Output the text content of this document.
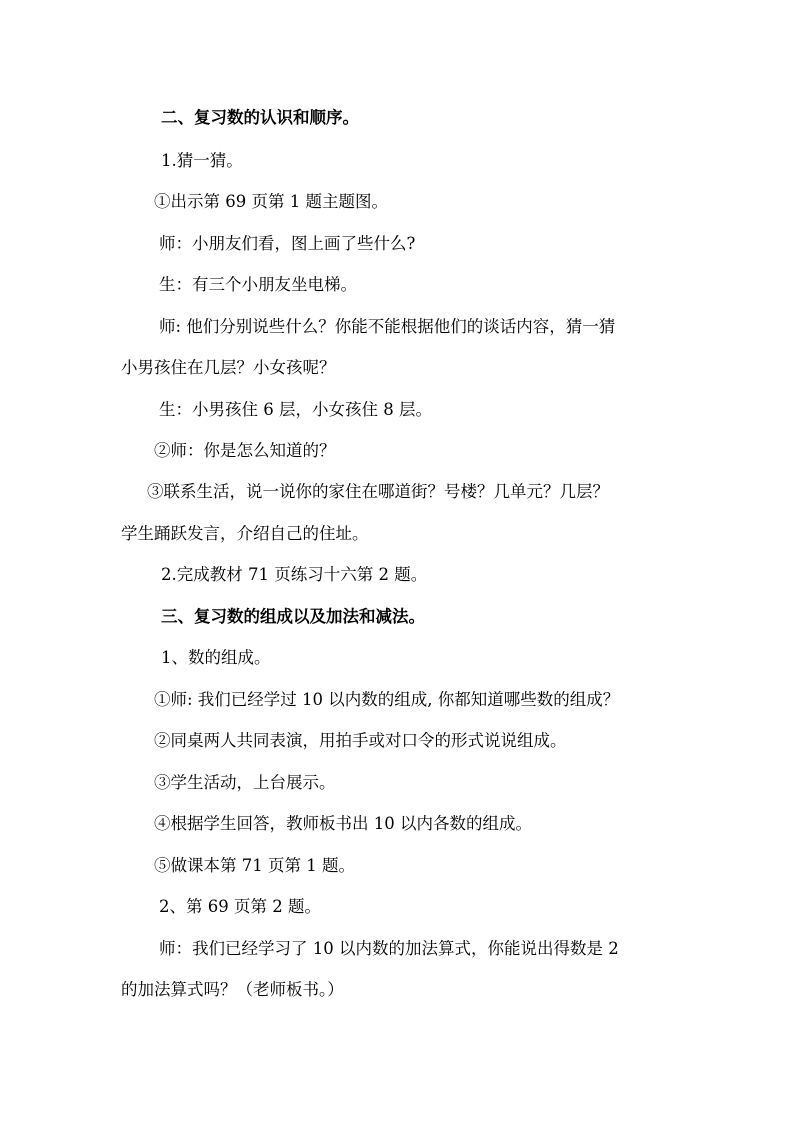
二、复习数的认识和顺序。
1.猜一猜。
①出示第 69 页第 1 题主题图。
师：小朋友们看，图上画了些什么?
生：有三个小朋友坐电梯。
师: 他们分别说些什么？你能不能根据他们的谈话内容，猜一猜
小男孩住在几层？小女孩呢？
生：小男孩住 6 层，小女孩住 8 层。
②师：你是怎么知道的？
③联系生活，说一说你的家住在哪道街？号楼？几单元？几层？
学生踊跃发言，介绍自己的住址。
2.完成教材 71 页练习十六第 2 题。
三、复习数的组成以及加法和减法。
1、数的组成。
①师: 我们已经学过 10 以内数的组成, 你都知道哪些数的组成？
②同桌两人共同表演，用拍手或对口令的形式说说组成。
③学生活动，上台展示。
④根据学生回答，教师板书出 10 以内各数的组成。
⑤做课本第 71 页第 1 题。
2、第 69 页第 2 题。
师：我们已经学习了 10 以内数的加法算式，你能说出得数是 2
的加法算式吗？（老师板书。）
